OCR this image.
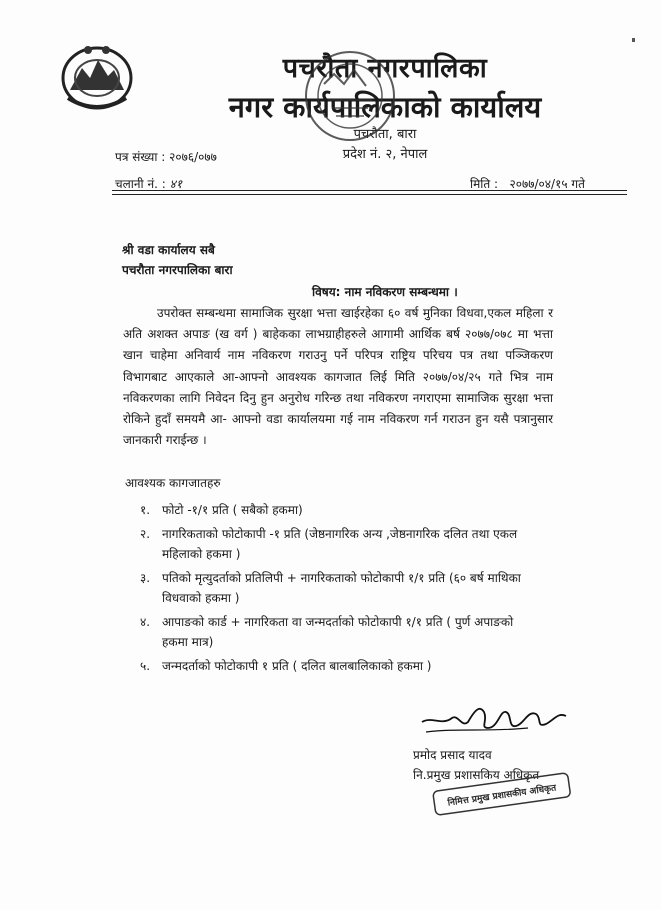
पचरौता नगरपालिका
नगर कार्यपालिकाको कार्यालय
पचरौता, बारा
प्रदेश नं. २, नेपाल
पत्र संख्या : २०७६/०७७
चलानी नं. : ४१	मिति : २०७७/०४/१५ गते
श्री वडा कार्यालय सबै
पचरौता नगरपालिका बारा
विषय: नाम नविकरण सम्बन्धमा ।
उपरोक्त सम्बन्धमा सामाजिक सुरक्षा भत्ता खाईरहेका ६० वर्ष मुनिका विधवा,एकल महिला र अति अशक्त अपाङ (ख वर्ग ) बाहेकका लाभग्राहीहरुले आगामी आर्थिक बर्ष २०७७/०७८ मा भत्ता खान चाहेमा अनिवार्य नाम नविकरण गराउनु पर्ने परिपत्र राष्ट्रिय परिचय पत्र तथा पञ्जिकरण विभागबाट आएकाले आ-आफ्नो आवश्यक कागजात लिई मिति २०७७/०४/२५ गते भित्र नाम नविकरणका लागि निवेदन दिनु हुन अनुरोध गरिन्छ तथा नविकरण नगराएमा सामाजिक सुरक्षा भत्ता रोकिने हुदाँ समयमै आ- आफ्नो वडा कार्यालयमा गई नाम नविकरण गर्न गराउन हुन यसै पत्रानुसार जानकारी गराईन्छ ।
आवश्यक कागजातहरु
१. फोटो -१/१ प्रति ( सबैको हकमा)
२. नागरिकताको फोटोकापी -१ प्रति (जेष्ठनागरिक अन्य ,जेष्ठनागरिक दलित तथा एकल महिलाको हकमा )
३. पतिको मृत्युदर्ताको प्रतिलिपी + नागरिकताको फोटोकापी १/१ प्रति (६० बर्ष माथिका विधवाको हकमा )
४. आपाङको कार्ड + नागरिकता वा जन्मदर्ताको फोटोकापी १/१ प्रति ( पुर्ण अपाङको हकमा मात्र)
५. जन्मदर्ताको फोटोकापी १ प्रति ( दलित बालबालिकाको हकमा )
प्रमोद प्रसाद यादव
नि.प्रमुख प्रशासकिय अधिकृत
निमित्त प्रमुख प्रशासकीय अधिकृत
